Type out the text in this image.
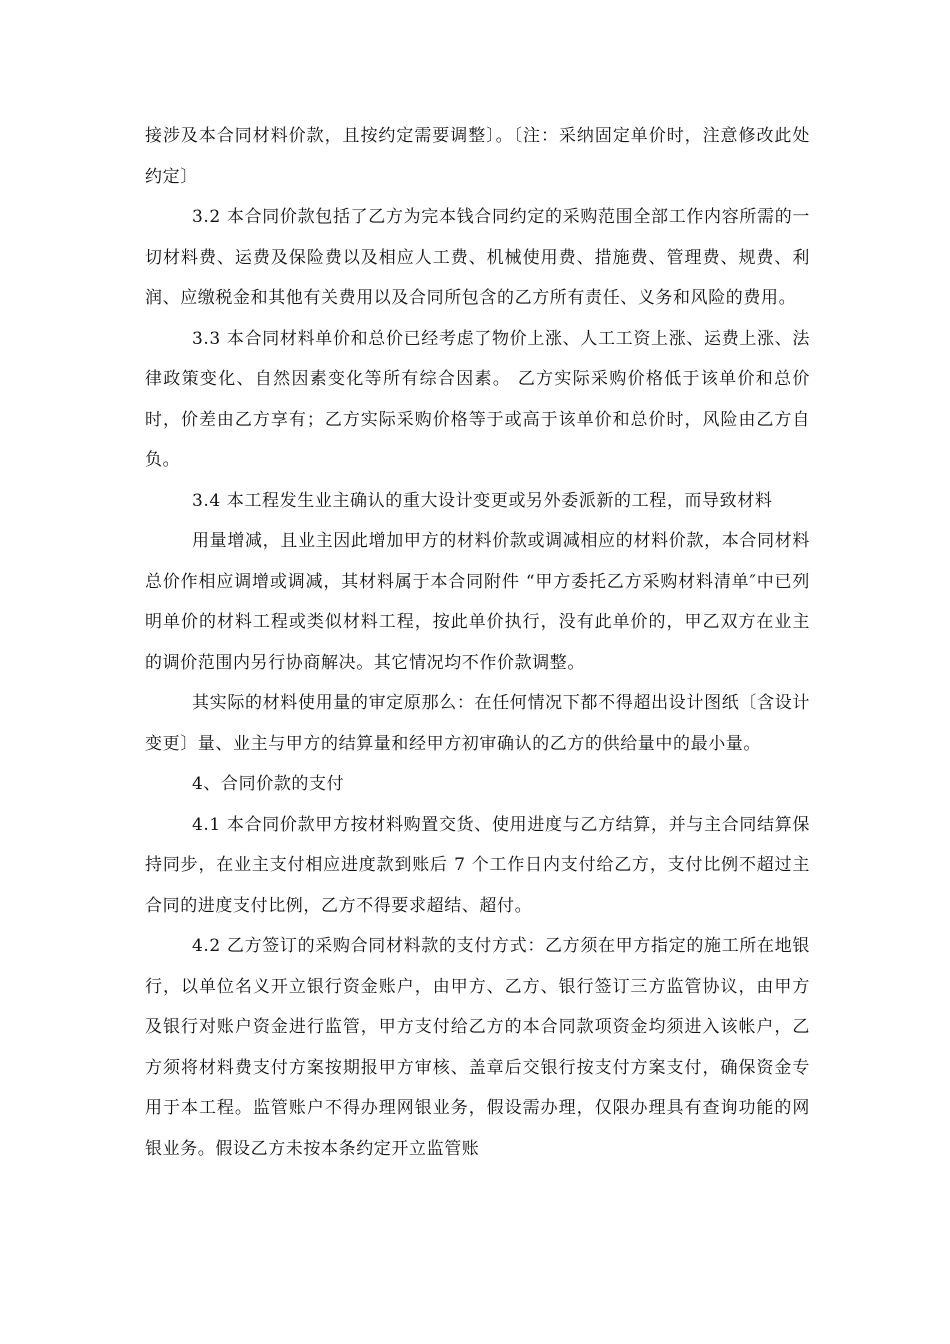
接涉及本合同材料价款，且按约定需要调整〕。〔注：采纳固定单价时，注意修改此处约定〕

3.2 本合同价款包括了乙方为完本钱合同约定的采购范围全部工作内容所需的一切材料费、运费及保险费以及相应人工费、机械使用费、措施费、管理费、规费、利润、应缴税金和其他有关费用以及合同所包含的乙方所有责任、义务和风险的费用。

3.3 本合同材料单价和总价已经考虑了物价上涨、人工工资上涨、运费上涨、法律政策变化、自然因素变化等所有综合因素。 乙方实际采购价格低于该单价和总价时，价差由乙方享有；乙方实际采购价格等于或高于该单价和总价时，风险由乙方自负。

3.4 本工程发生业主确认的重大设计变更或另外委派新的工程，而导致材料

用量增减，且业主因此增加甲方的材料价款或调减相应的材料价款，本合同材料总价作相应调增或调减，其材料属于本合同附件 “甲方委托乙方采购材料清单″中已列明单价的材料工程或类似材料工程，按此单价执行，没有此单价的，甲乙双方在业主的调价范围内另行协商解决。其它情况均不作价款调整。

其实际的材料使用量的审定原那么：在任何情况下都不得超出设计图纸〔含设计变更〕量、业主与甲方的结算量和经甲方初审确认的乙方的供给量中的最小量。

4、合同价款的支付

4.1 本合同价款甲方按材料购置交货、使用进度与乙方结算，并与主合同结算保持同步，在业主支付相应进度款到账后 7 个工作日内支付给乙方，支付比例不超过主合同的进度支付比例，乙方不得要求超结、超付。

4.2 乙方签订的采购合同材料款的支付方式：乙方须在甲方指定的施工所在地银行，以单位名义开立银行资金账户，由甲方、乙方、银行签订三方监管协议，由甲方及银行对账户资金进行监管，甲方支付给乙方的本合同款项资金均须进入该帐户，乙方须将材料费支付方案按期报甲方审核、盖章后交银行按支付方案支付，确保资金专用于本工程。监管账户不得办理网银业务，假设需办理，仅限办理具有查询功能的网银业务。假设乙方未按本条约定开立监管账
